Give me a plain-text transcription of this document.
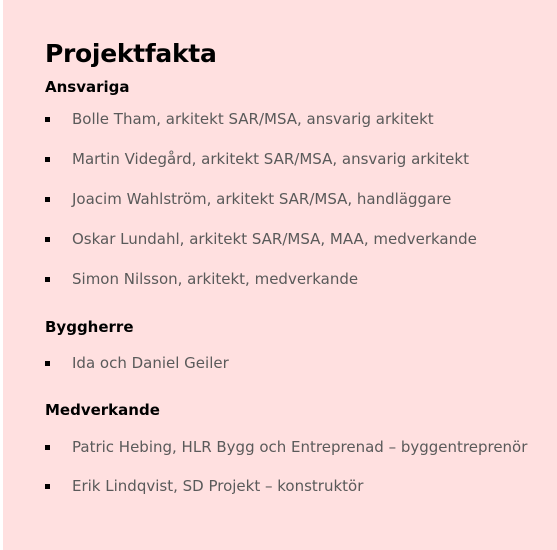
Projektfakta
Ansvariga
Bolle Tham, arkitekt SAR/MSA, ansvarig arkitekt
Martin Videgård, arkitekt SAR/MSA, ansvarig arkitekt
Joacim Wahlström, arkitekt SAR/MSA, handläggare
Oskar Lundahl, arkitekt SAR/MSA, MAA, medverkande
Simon Nilsson, arkitekt, medverkande
Byggherre
Ida och Daniel Geiler
Medverkande
Patric Hebing, HLR Bygg och Entreprenad – byggentreprenör
Erik Lindqvist, SD Projekt – konstruktör
